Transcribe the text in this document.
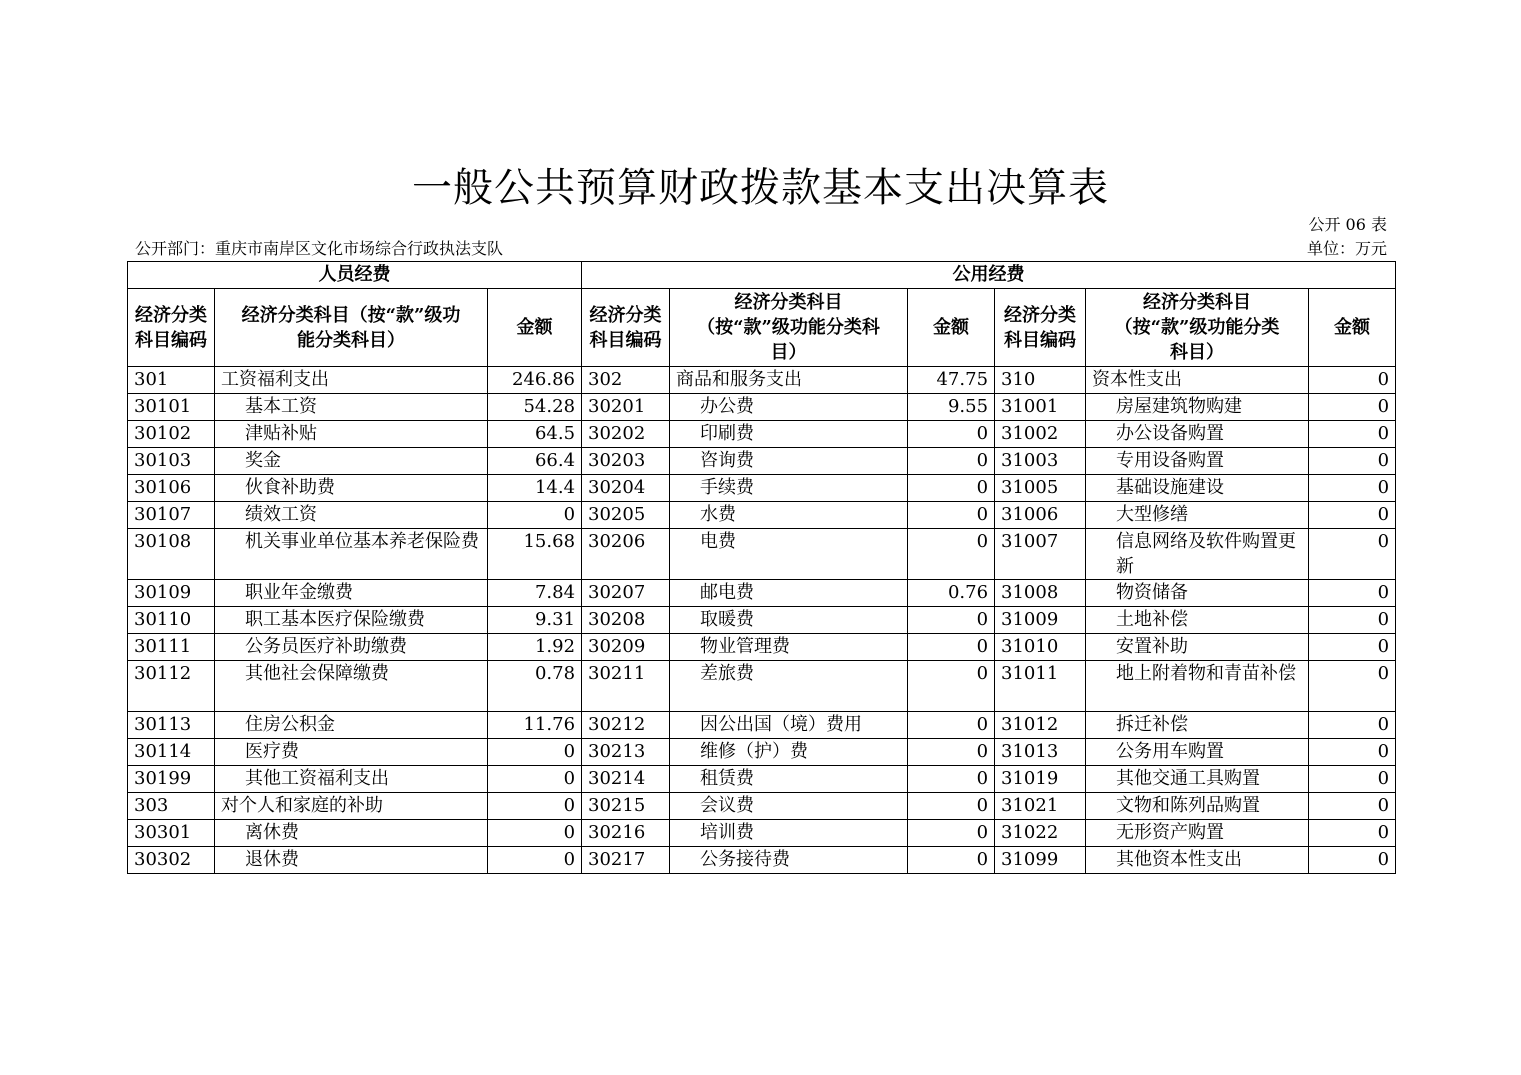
一般公共预算财政拨款基本支出决算表
公开 06 表
公开部门：重庆市南岸区文化市场综合行政执法支队	单位：万元
人员经费			公用经费					
经济分类科目编码	经济分类科目（按“款”级功能分类科目）	金额	经济分类科目编码	经济分类科目（按“款”级功能分类科目）	金额	经济分类科目编码	经济分类科目（按“款”级功能分类科目）	金额
301	工资福利支出	246.86	302	商品和服务支出	47.75	310	资本性支出	0
30101	基本工资	54.28	30201	办公费	9.55	31001	房屋建筑物购建	0
30102	津贴补贴	64.5	30202	印刷费	0	31002	办公设备购置	0
30103	奖金	66.4	30203	咨询费	0	31003	专用设备购置	0
30106	伙食补助费	14.4	30204	手续费	0	31005	基础设施建设	0
30107	绩效工资	0	30205	水费	0	31006	大型修缮	0
30108	机关事业单位基本养老保险费	15.68	30206	电费	0	31007	信息网络及软件购置更新	0
30109	职业年金缴费	7.84	30207	邮电费	0.76	31008	物资储备	0
30110	职工基本医疗保险缴费	9.31	30208	取暖费	0	31009	土地补偿	0
30111	公务员医疗补助缴费	1.92	30209	物业管理费	0	31010	安置补助	0
30112	其他社会保障缴费	0.78	30211	差旅费	0	31011	地上附着物和青苗补偿	0
30113	住房公积金	11.76	30212	因公出国（境）费用	0	31012	拆迁补偿	0
30114	医疗费	0	30213	维修（护）费	0	31013	公务用车购置	0
30199	其他工资福利支出	0	30214	租赁费	0	31019	其他交通工具购置	0
303	对个人和家庭的补助	0	30215	会议费	0	31021	文物和陈列品购置	0
30301	离休费	0	30216	培训费	0	31022	无形资产购置	0
30302	退休费	0	30217	公务接待费	0	31099	其他资本性支出	0
